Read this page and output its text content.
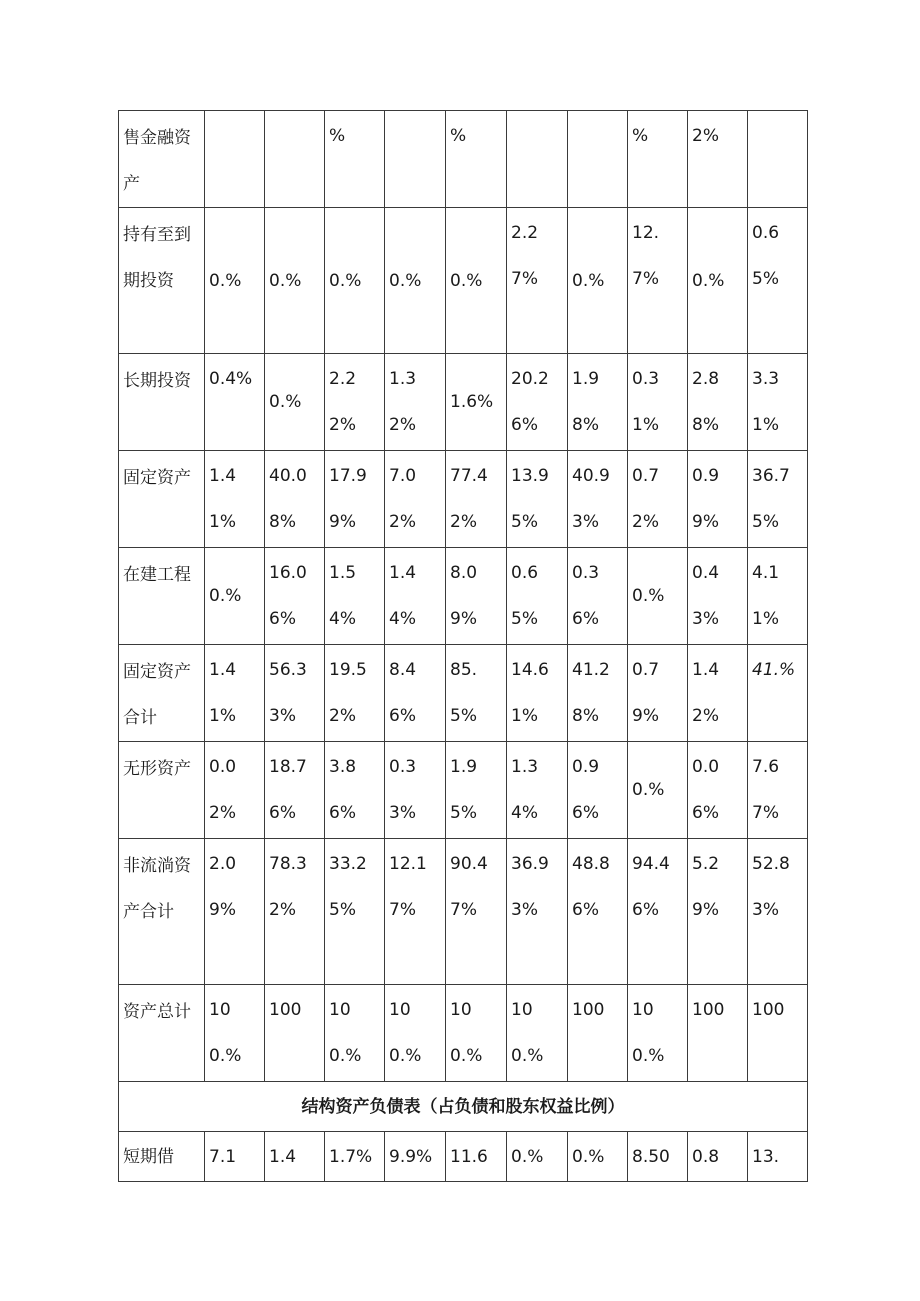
售金融资产			%		%			%	2%	
持有至到期投资	0.%	0.%	0.%	0.%	0.%	2.27%	0.%	12.7%	0.%	0.65%
长期投资	0.4%	0.%	2.22%	1.32%	1.6%	20.26%	1.98%	0.31%	2.88%	3.31%
固定资产	1.41%	40.08%	17.99%	7.02%	77.42%	13.95%	40.93%	0.72%	0.99%	36.75%
在建工程	0.%	16.06%	1.54%	1.44%	8.09%	0.65%	0.36%	0.%	0.43%	4.11%
固定资产合计	1.41%	56.33%	19.52%	8.46%	85.5%	14.61%	41.28%	0.79%	1.42%	41.%
无形资产	0.02%	18.76%	3.86%	0.33%	1.95%	1.34%	0.96%	0.%	0.06%	7.67%
非流淌资产合计	2.09%	78.32%	33.25%	12.17%	90.47%	36.93%	48.86%	94.46%	5.29%	52.83%
资产总计	100.%	100	100.%	100.%	100.%	100.%	100	100.%	100	100
结构资产负债表（占负债和股东权益比例）										
短期借	7.1	1.4	1.7%	9.9%	11.6	0.%	0.%	8.50	0.8	13.
